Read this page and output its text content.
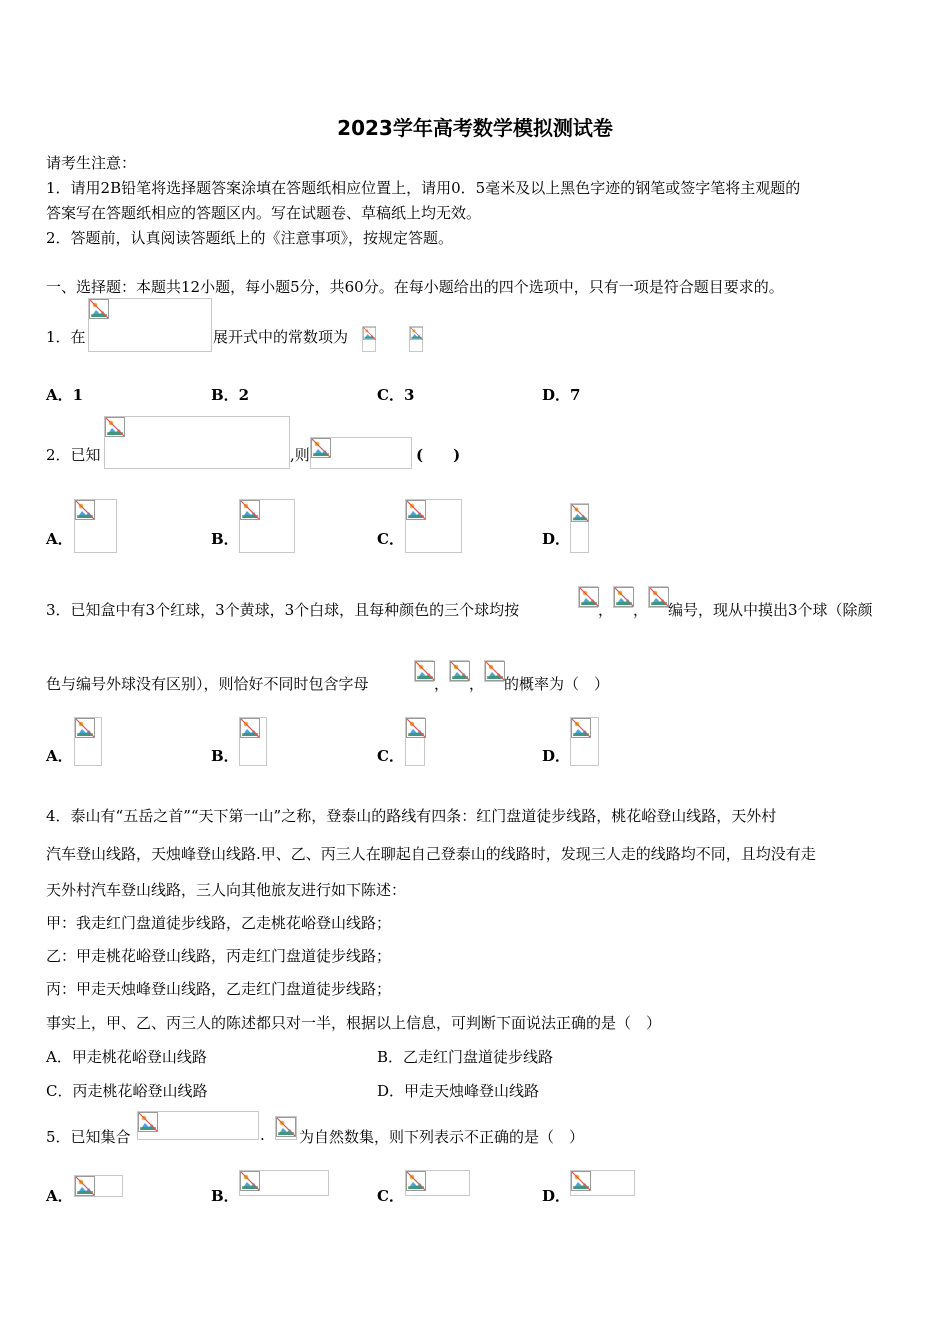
2023学年高考数学模拟测试卷
请考生注意：
1．请用2B铅笔将选择题答案涂填在答题纸相应位置上，请用0．5毫米及以上黑色字迹的钢笔或签字笔将主观题的
答案写在答题纸相应的答题区内。写在试题卷、草稿纸上均无效。
2．答题前，认真阅读答题纸上的《注意事项》，按规定答题。
一、选择题：本题共12小题，每小题5分，共60分。在每小题给出的四个选项中，只有一项是符合题目要求的。
1．在	展开式中的常数项为
A．1	B．2	C．3	D．7
2．已知	,则	(　　)
A．	B．	C．	D．
3．已知盒中有3个红球，3个黄球，3个白球，且每种颜色的三个球均按	， ， 编号，现从中摸出3个球（除颜
色与编号外球没有区别），则恰好不同时包含字母	， ， 的概率为（　）
A．	B．	C．	D．
4．泰山有“五岳之首”“天下第一山”之称，登泰山的路线有四条：红门盘道徒步线路，桃花峪登山线路，天外村
汽车登山线路，天烛峰登山线路.甲、乙、丙三人在聊起自己登泰山的线路时，发现三人走的线路均不同，且均没有走
天外村汽车登山线路，三人向其他旅友进行如下陈述：
甲：我走红门盘道徒步线路，乙走桃花峪登山线路；
乙：甲走桃花峪登山线路，丙走红门盘道徒步线路；
丙：甲走天烛峰登山线路，乙走红门盘道徒步线路；
事实上，甲、乙、丙三人的陈述都只对一半，根据以上信息，可判断下面说法正确的是（　）
A．甲走桃花峪登山线路	B．乙走红门盘道徒步线路
C．丙走桃花峪登山线路	D．甲走天烛峰登山线路
5．已知集合	. 为自然数集，则下列表示不正确的是（　）
A．	B．	C．	D．
